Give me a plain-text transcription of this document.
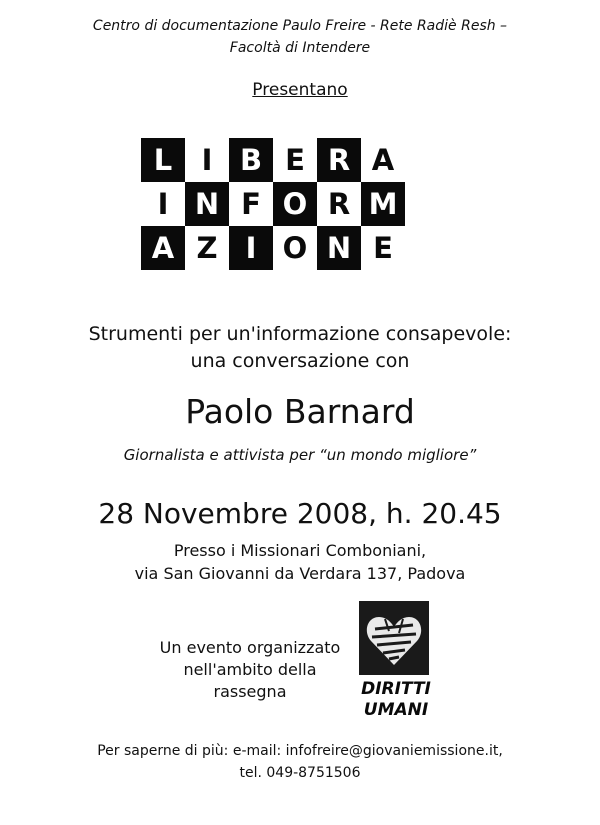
Centro di documentazione Paulo Freire - Rete Radiè Resh –
Facoltà di Intendere
Presentano
L	I B E R A
I N F O R M
A Z I O N E
Strumenti per un'informazione consapevole:
una conversazione con
Paolo Barnard
Giornalista e attivista per “un mondo migliore”
28 Novembre 2008, h. 20.45
Presso i Missionari Comboniani,
via San Giovanni da Verdara 137, Padova
Un evento organizzato
nell'ambito della
rassegna	DIRITTI
UMANI
Per saperne di più: e-mail: infofreire@giovaniemissione.it,
tel. 049-8751506
